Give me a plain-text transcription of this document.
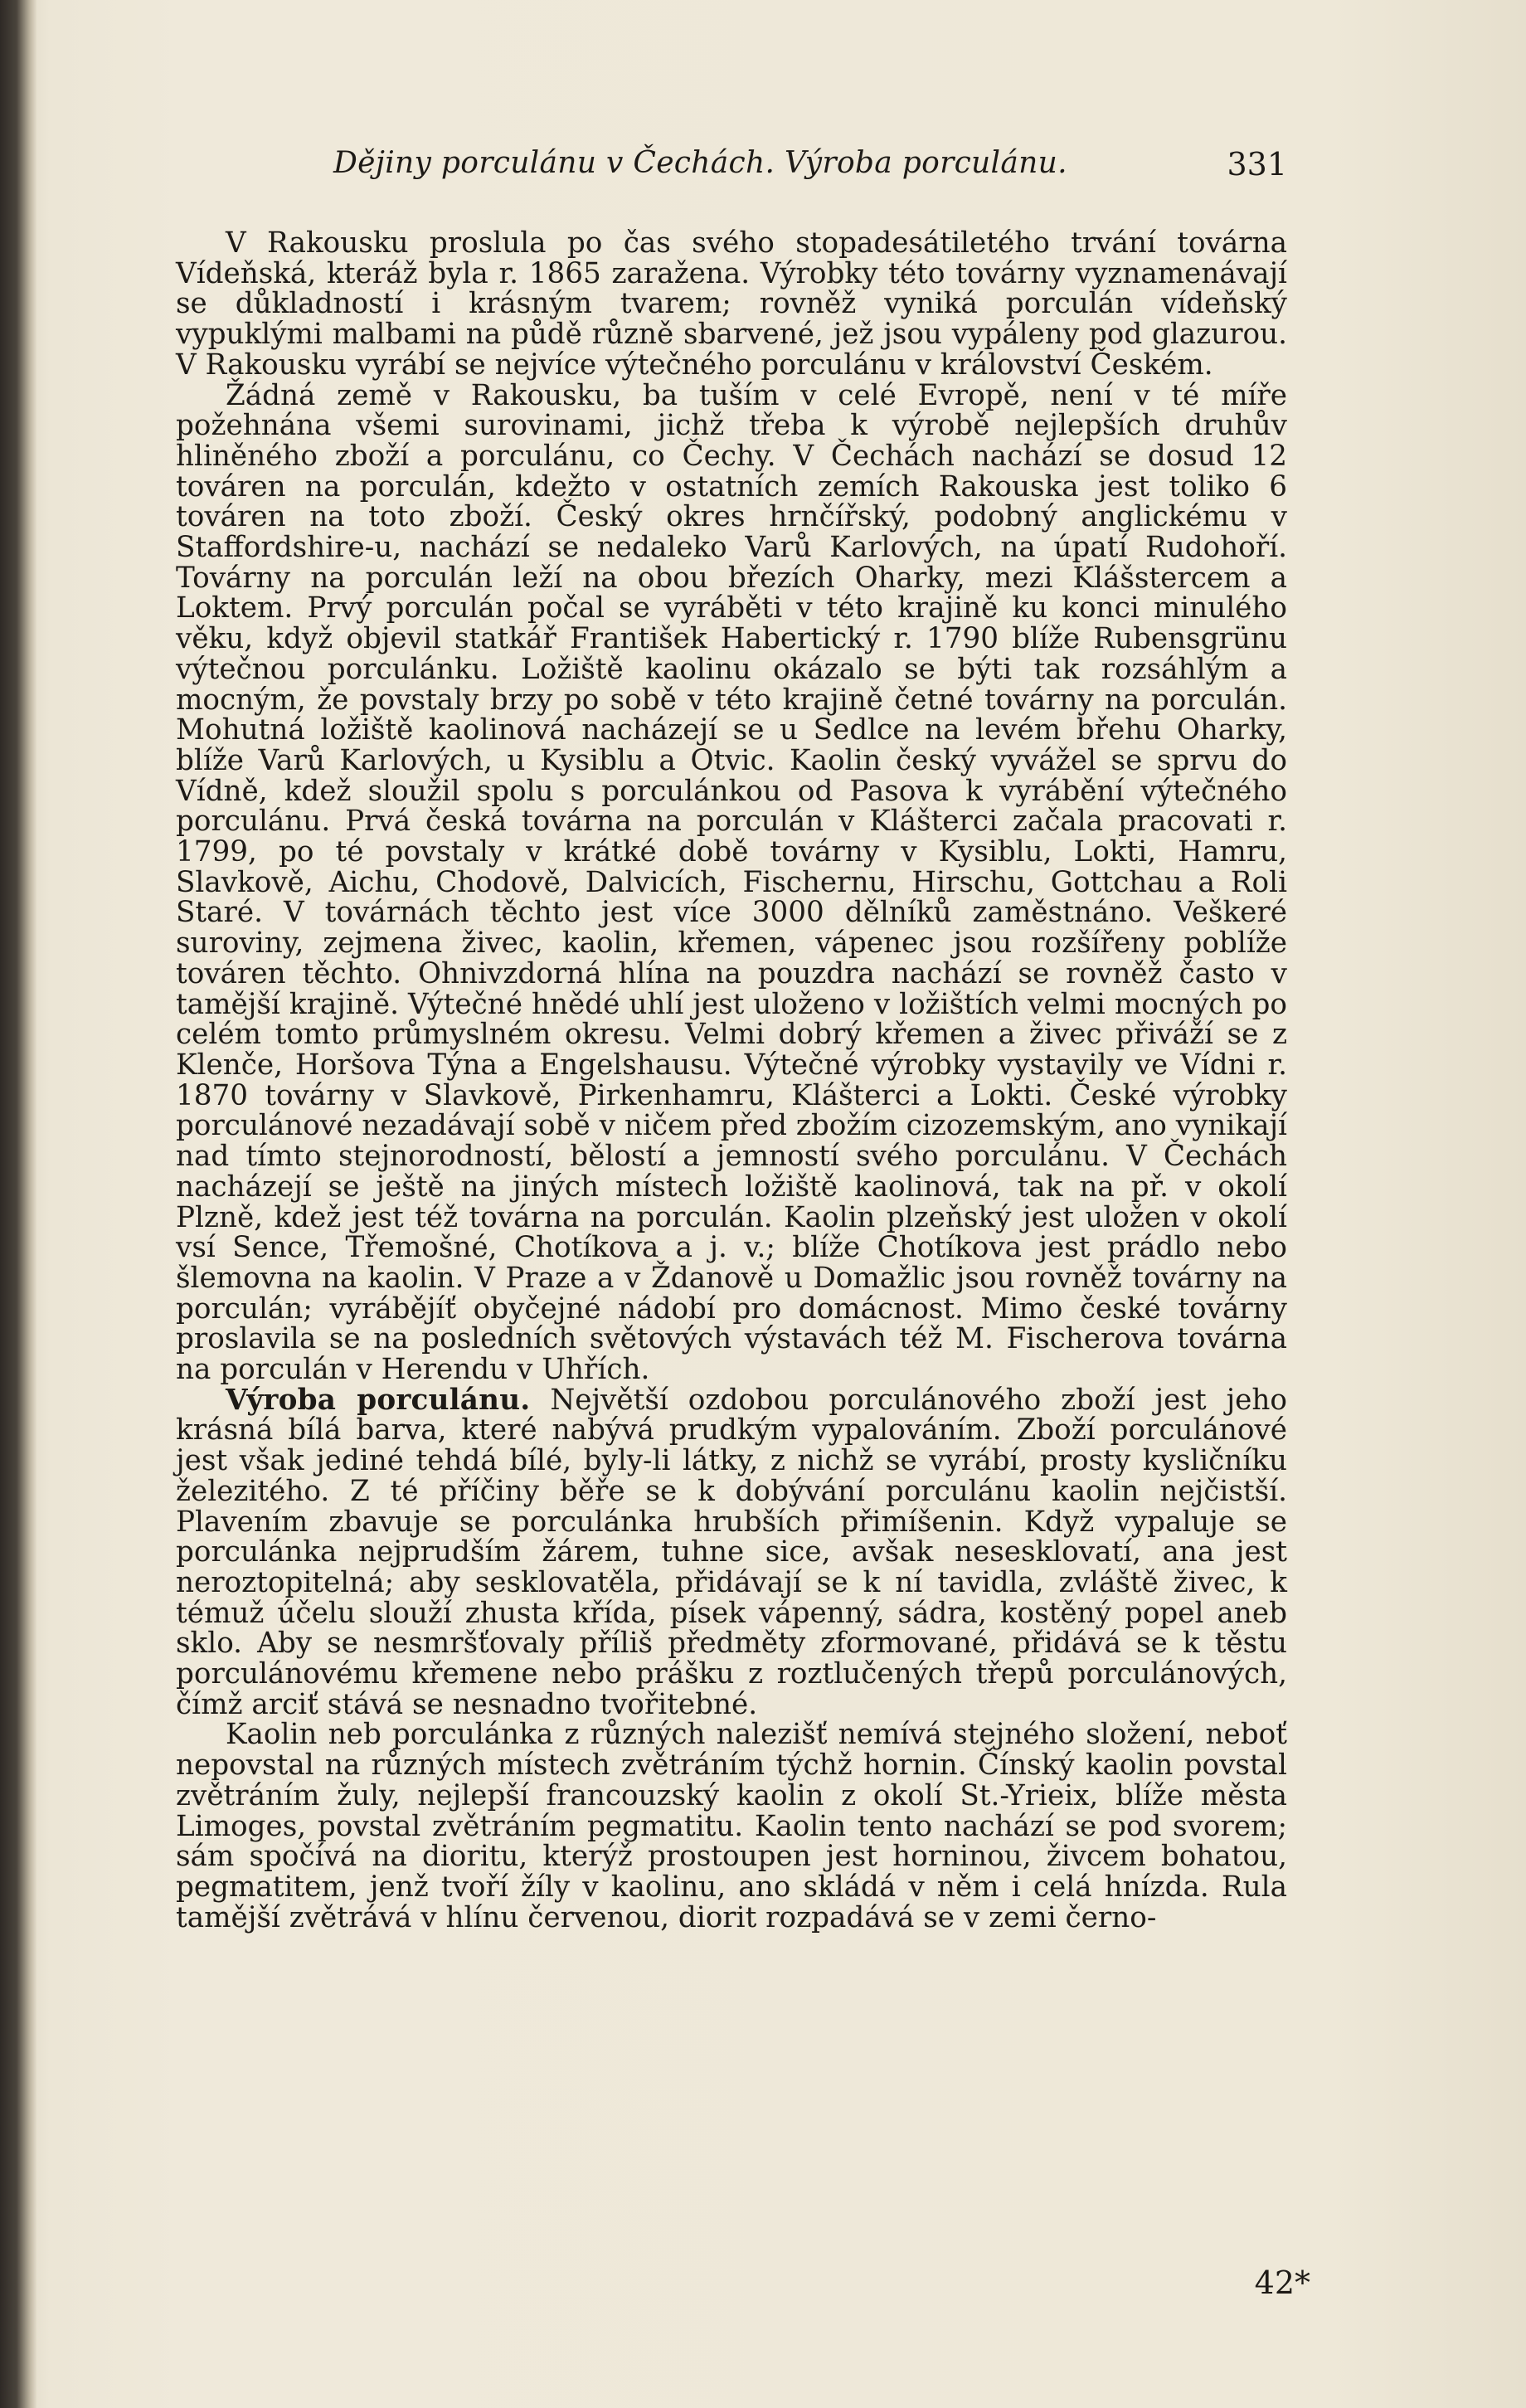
Dějiny porculánu v Čechách. Výroba porculánu.	331

V Rakousku proslula po čas svého stopadesátiletého trvání továrna Vídeňská, kteráž byla r. 1865 zaražena. Výrobky této továrny vyznamenávají se důkladností i krásným tvarem; rovněž vyniká porculán vídeňský vypuklými malbami na půdě různě sbarvené, jež jsou vypáleny pod glazurou. V Rakousku vyrábí se nejvíce výtečného porculánu v království Českém.

Žádná země v Rakousku, ba tuším v celé Evropě, není v té míře požehnána všemi surovinami, jichž třeba k výrobě nejlepších druhův hliněného zboží a porculánu, co Čechy. V Čechách nachází se dosud 12 továren na porculán, kdežto v ostatních zemích Rakouska jest toliko 6 továren na toto zboží. Český okres hrnčířský, podobný anglickému v Staffordshire-u, nachází se nedaleko Varů Karlových, na úpatí Rudohoří. Továrny na porculán leží na obou březích Oharky, mezi Klášstercem a Loktem. Prvý porculán počal se vyráběti v této krajině ku konci minulého věku, když objevil statkář František Habertický r. 1790 blíže Rubensgrünu výtečnou porculánku. Ložiště kaolinu okázalo se býti tak rozsáhlým a mocným, že povstaly brzy po sobě v této krajině četné továrny na porculán. Mohutná ložiště kaolinová nacházejí se u Sedlce na levém břehu Oharky, blíže Varů Karlových, u Kysiblu a Otvic. Kaolin český vyvážel se sprvu do Vídně, kdež sloužil spolu s porculánkou od Pasova k vyrábění výtečného porculánu. Prvá česká továrna na porculán v Klášterci začala pracovati r. 1799, po té povstaly v krátké době továrny v Kysiblu, Lokti, Hamru, Slavkově, Aichu, Chodově, Dalvicích, Fischernu, Hirschu, Gottchau a Roli Staré. V továrnách těchto jest více 3000 dělníků zaměstnáno. Veškeré suroviny, zejmena živec, kaolin, křemen, vápenec jsou rozšířeny poblíže továren těchto. Ohnivzdorná hlína na pouzdra nachází se rovněž často v tamější krajině. Výtečné hnědé uhlí jest uloženo v ložištích velmi mocných po celém tomto průmyslném okresu. Velmi dobrý křemen a živec přiváží se z Klenče, Horšova Týna a Engelshausu. Výtečné výrobky vystavily ve Vídni r. 1870 továrny v Slavkově, Pirkenhamru, Klášterci a Lokti. České výrobky porculánové nezadávají sobě v ničem před zbožím cizozemským, ano vynikají nad tímto stejnorodností, bělostí a jemností svého porculánu. V Čechách nacházejí se ještě na jiných místech ložiště kaolinová, tak na př. v okolí Plzně, kdež jest též továrna na porculán. Kaolin plzeňský jest uložen v okolí vsí Sence, Třemošné, Chotíkova a j. v.; blíže Chotíkova jest prádlo nebo šlemovna na kaolin. V Praze a v Ždanově u Domažlic jsou rovněž továrny na porculán; vyrábějíť obyčejné nádobí pro domácnost. Mimo české továrny proslavila se na posledních světových výstavách též M. Fischerova továrna na porculán v Herendu v Uhřích.

Výroba porculánu. Největší ozdobou porculánového zboží jest jeho krásná bílá barva, které nabývá prudkým vypalováním. Zboží porculánové jest však jediné tehdá bílé, byly-li látky, z nichž se vyrábí, prosty kysličníku železitého. Z té příčiny běře se k dobývání porculánu kaolin nejčistší. Plavením zbavuje se porculánka hrubších přimíšenin. Když vypaluje se porculánka nejprudším žárem, tuhne sice, avšak nesesklovatí, ana jest neroztopitelná; aby sesklovatěla, přidávají se k ní tavidla, zvláště živec, k témuž účelu slouží zhusta křída, písek vápenný, sádra, kostěný popel aneb sklo. Aby se nesmršťovaly příliš předměty zformované, přidává se k těstu porculánovému křemene nebo prášku z roztlučených třepů porculánových, čímž arciť stává se nesnadno tvořitebné.

Kaolin neb porculánka z různých nalezišť nemívá stejného složení, neboť nepovstal na různých místech zvětráním týchž hornin. Čínský kaolin povstal zvětráním žuly, nejlepší francouzský kaolin z okolí St.-Yrieix, blíže města Limoges, povstal zvětráním pegmatitu. Kaolin tento nachází se pod svorem; sám spočívá na dioritu, kterýž prostoupen jest horninou, živcem bohatou, pegmatitem, jenž tvoří žíly v kaolinu, ano skládá v něm i celá hnízda. Rula tamější zvětrává v hlínu červenou, diorit rozpadává se v zemi černo-

42*
